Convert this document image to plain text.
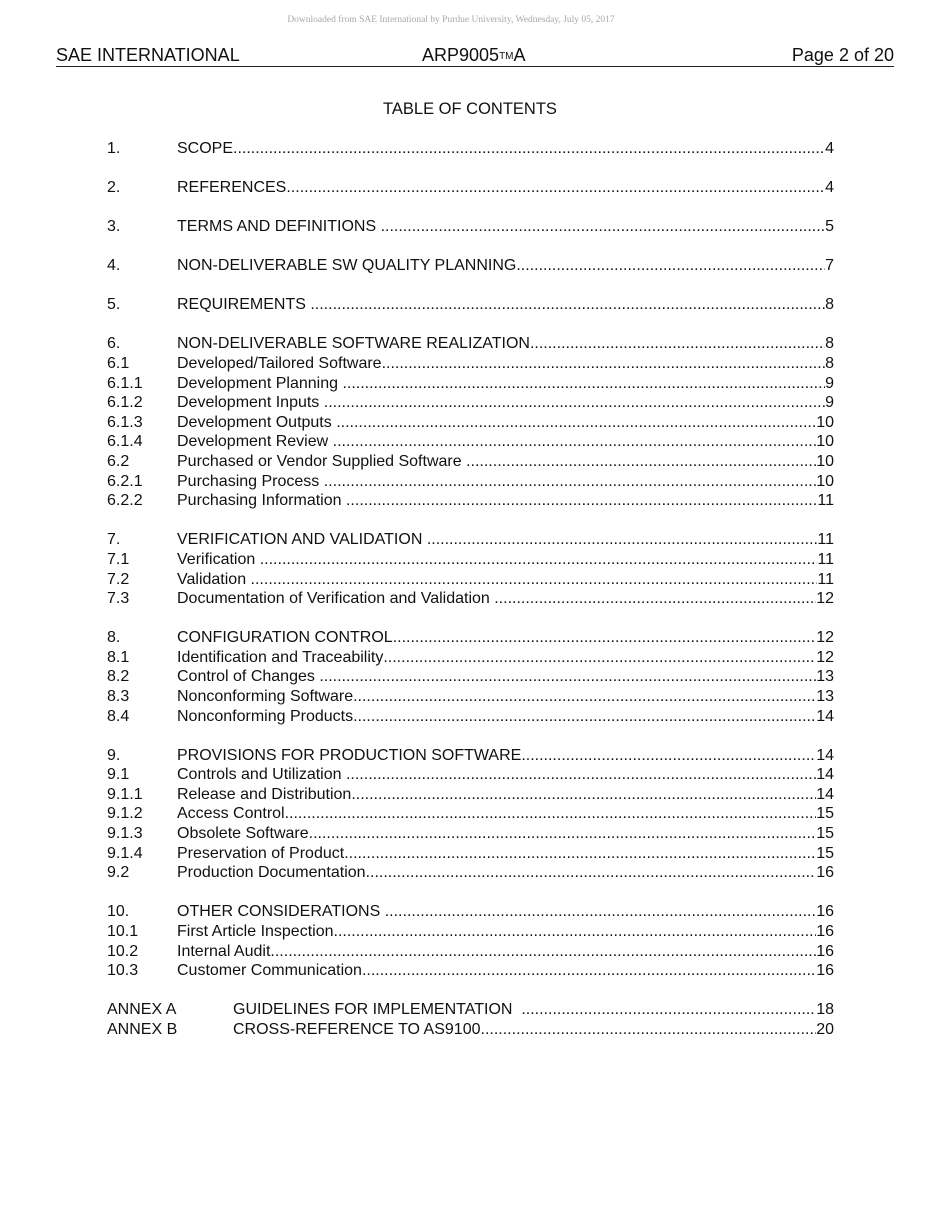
Downloaded from SAE International by Purdue University, Wednesday, July 05, 2017
SAE INTERNATIONAL	ARP9005™A	Page 2 of 20
TABLE OF CONTENTS
1.	SCOPE .....	4
2.	REFERENCES .....	4
3.	TERMS AND DEFINITIONS .....	5
4.	NON-DELIVERABLE SW QUALITY PLANNING .....	7
5.	REQUIREMENTS .....	8
6.	NON-DELIVERABLE SOFTWARE REALIZATION .....	8
6.1	Developed/Tailored Software .....	8
6.1.1 Development Planning .....	9
6.1.2 Development Inputs .....	9
6.1.3 Development Outputs .....	10
6.1.4 Development Review .....	10
6.2	Purchased or Vendor Supplied Software .....	10
6.2.1 Purchasing Process .....	10
6.2.2 Purchasing Information .....	11
7.	VERIFICATION AND VALIDATION .....	11
7.1	Verification .....	11
7.2	Validation .....	11
7.3	Documentation of Verification and Validation .....	12
8.	CONFIGURATION CONTROL .....	12
8.1	Identification and Traceability .....	12
8.2	Control of Changes .....	13
8.3	Nonconforming Software .....	13
8.4	Nonconforming Products .....	14
9.	PROVISIONS FOR PRODUCTION SOFTWARE .....	14
9.1	Controls and Utilization .....	14
9.1.1 Release and Distribution .....	14
9.1.2 Access Control .....	15
9.1.3 Obsolete Software .....	15
9.1.4 Preservation of Product .....	15
9.2	Production Documentation .....	16
10.	OTHER CONSIDERATIONS .....	16
10.1 First Article Inspection .....	16
10.2 Internal Audit .....	16
10.3 Customer Communication .....	16
ANNEX A	GUIDELINES FOR IMPLEMENTATION .....	18
ANNEX B	CROSS-REFERENCE TO AS9100 .....	20
